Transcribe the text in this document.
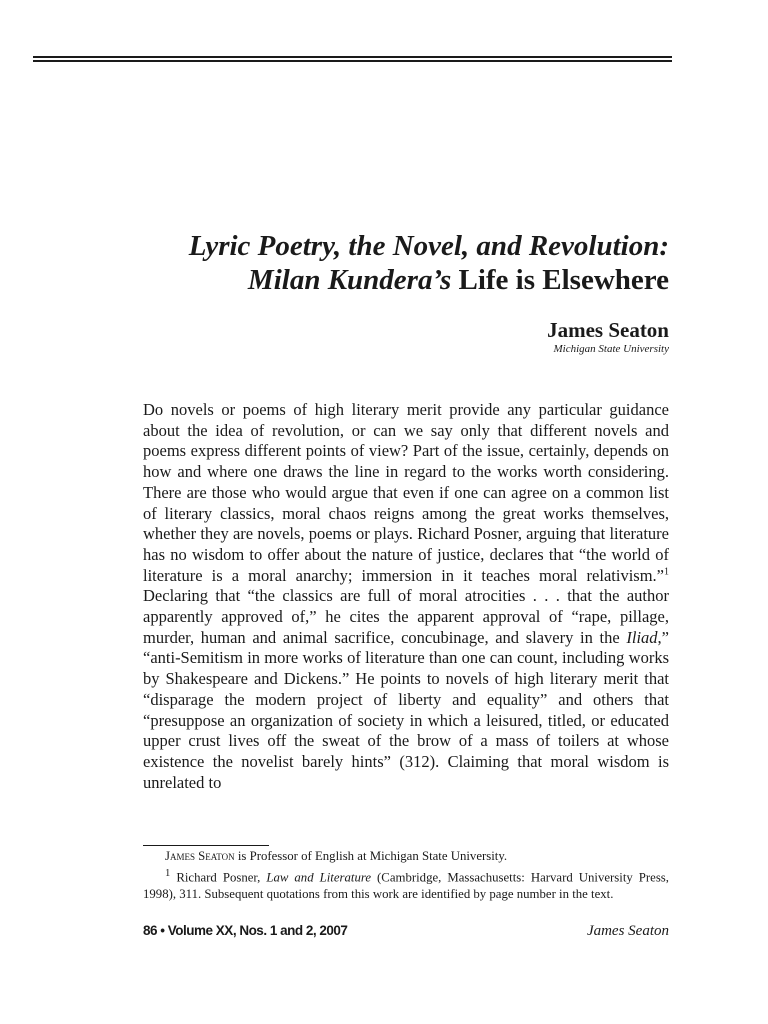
Lyric Poetry, the Novel, and Revolution:
Milan Kundera’s Life is Elsewhere
James Seaton
Michigan State University
Do novels or poems of high literary merit provide any particular guidance about the idea of revolution, or can we say only that different novels and poems express different points of view? Part of the issue, certainly, depends on how and where one draws the line in regard to the works worth considering. There are those who would argue that even if one can agree on a common list of literary classics, moral chaos reigns among the great works themselves, whether they are novels, poems or plays. Richard Posner, arguing that literature has no wisdom to offer about the nature of justice, declares that “the world of literature is a moral anarchy; immersion in it teaches moral relativism.”$^1$ Declaring that “the classics are full of moral atrocities . . . that the author apparently approved of,” he cites the apparent approval of “rape, pillage, murder, human and animal sacrifice, concubinage, and slavery in the Iliad,” “anti-Semitism in more works of literature than one can count, including works by Shakespeare and Dickens.” He points to novels of high literary merit that “disparage the modern project of liberty and equality” and others that “presuppose an organization of society in which a leisured, titled, or educated upper crust lives off the sweat of the brow of a mass of toilers at whose existence the novelist barely hints” (312). Claiming that moral wisdom is unrelated to

James Seaton is Professor of English at Michigan State University.

$^1$ Richard Posner, Law and Literature (Cambridge, Massachusetts: Harvard University Press, 1998), 311. Subsequent quotations from this work are identified by page number in the text.

86 • Volume XX, Nos. 1 and 2, 2007	James Seaton
